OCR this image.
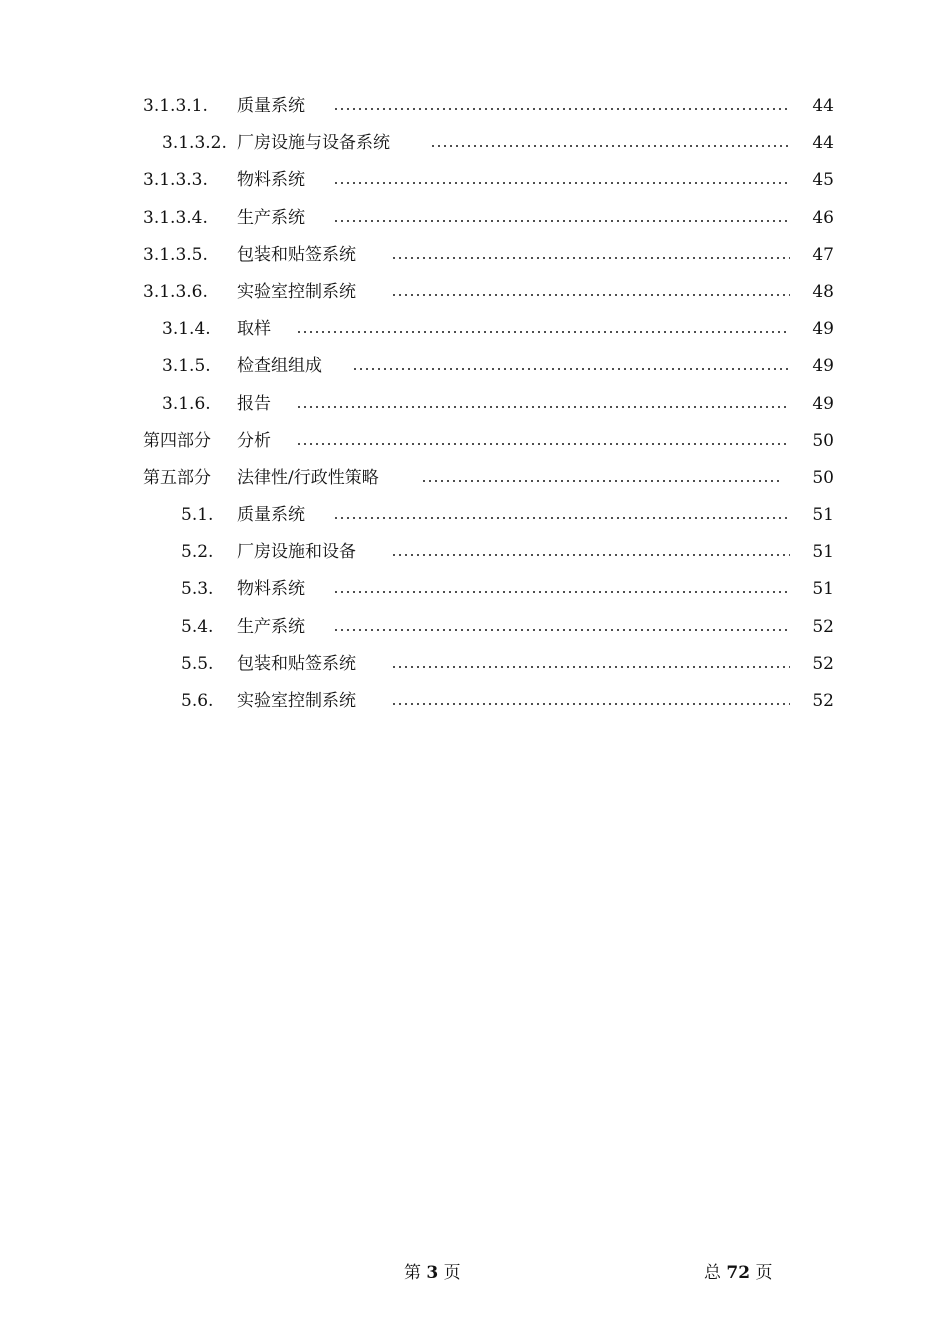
3.1.3.1. 质量系统	44
3.1.3.2. 厂房设施与设备系统	44
3.1.3.3. 物料系统	45
3.1.3.4. 生产系统	46
3.1.3.5. 包装和贴签系统	47
3.1.3.6. 实验室控制系统	48
3.1.4. 取样	49
3.1.5. 检查组组成	49
3.1.6. 报告	49
第四部分 分析	50
第五部分 法律性/行政性策略	50
5.1. 质量系统	51
5.2. 厂房设施和设备	51
5.3. 物料系统	51
5.4. 生产系统	52
5.5. 包装和贴签系统	52
5.6. 实验室控制系统	52
第 3 页	总 72 页
